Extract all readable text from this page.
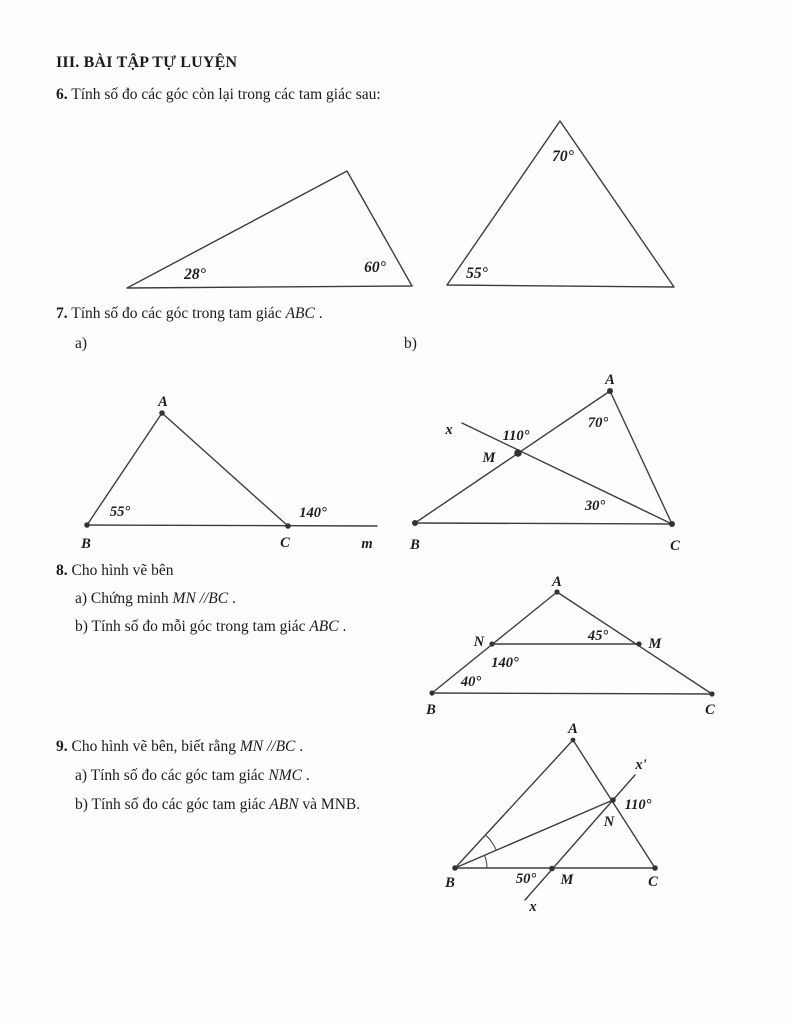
III. BÀI TẬP TỰ LUYỆN
6. Tính số đo các góc còn lại trong các tam giác sau:
28°	60°
70°
55°
7. Tính số đo các góc trong tam giác ABC .
a)	b)
A
B	C	m
55°	140°
A
B	C
M
x	110°
70°
30°
8. Cho hình vẽ bên
a) Chứng minh MN //BC .
b) Tính số đo mỗi góc trong tam giác ABC .
A
B	C
N	M
45°
140°
40°
9. Cho hình vẽ bên, biết rằng MN //BC .
a) Tính số đo các góc tam giác NMC .
b) Tính số đo các góc tam giác ABN và MNB.
A
B	C
N
M
x'
x
110°
50°
